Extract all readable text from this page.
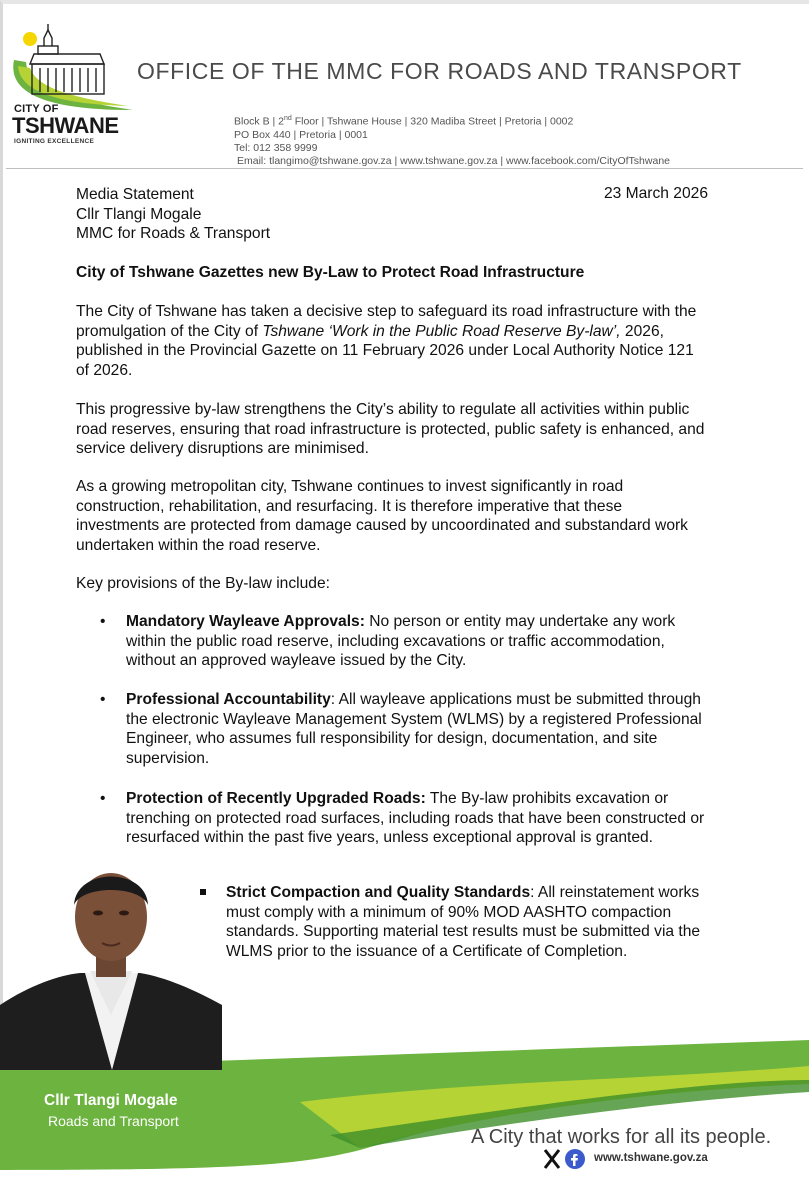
CITY OF
TSHWANE
IGNITING EXCELLENCE
OFFICE OF THE MMC FOR ROADS AND TRANSPORT
Block B | 2nd Floor | Tshwane House | 320 Madiba Street | Pretoria | 0002
PO Box 440 | Pretoria | 0001
Tel: 012 358 9999
Email: tlangimo@tshwane.gov.za | www.tshwane.gov.za | www.facebook.com/CityOfTshwane
Media Statement
Cllr Tlangi Mogale
MMC for Roads & Transport
23 March 2026
City of Tshwane Gazettes new By-Law to Protect Road Infrastructure

The City of Tshwane has taken a decisive step to safeguard its road infrastructure with the promulgation of the City of Tshwane ‘Work in the Public Road Reserve By-law’, 2026, published in the Provincial Gazette on 11 February 2026 under Local Authority Notice 121 of 2026.

This progressive by-law strengthens the City’s ability to regulate all activities within public road reserves, ensuring that road infrastructure is protected, public safety is enhanced, and service delivery disruptions are minimised.

As a growing metropolitan city, Tshwane continues to invest significantly in road construction, rehabilitation, and resurfacing. It is therefore imperative that these investments are protected from damage caused by uncoordinated and substandard work undertaken within the road reserve.

Key provisions of the By-law include:

• Mandatory Wayleave Approvals: No person or entity may undertake any work within the public road reserve, including excavations or traffic accommodation, without an approved wayleave issued by the City.
• Professional Accountability: All wayleave applications must be submitted through the electronic Wayleave Management System (WLMS) by a registered Professional Engineer, who assumes full responsibility for design, documentation, and site supervision.
• Protection of Recently Upgraded Roads: The By-law prohibits excavation or trenching on protected road surfaces, including roads that have been constructed or resurfaced within the past five years, unless exceptional approval is granted.
Strict Compaction and Quality Standards: All reinstatement works must comply with a minimum of 90% MOD AASHTO compaction standards. Supporting material test results must be submitted via the WLMS prior to the issuance of a Certificate of Completion.
Cllr Tlangi Mogale
Roads and Transport
A City that works for all its people.
www.tshwane.gov.za
